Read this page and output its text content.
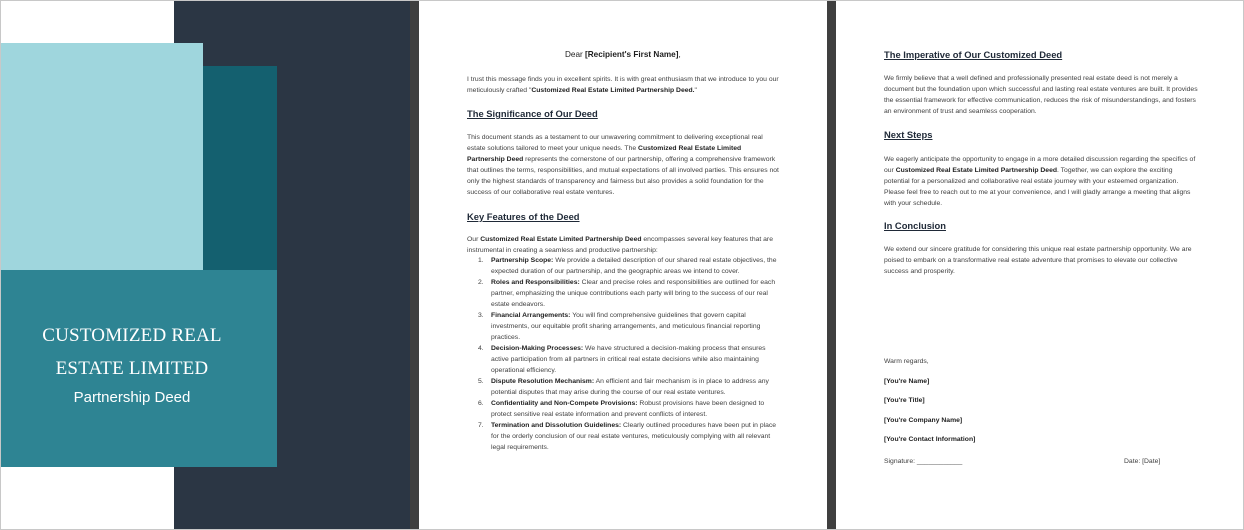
CUSTOMIZED REAL
ESTATE LIMITED
Partnership Deed
Dear [Recipient's First Name],

I trust this message finds you in excellent spirits. It is with great enthusiasm that we introduce to you our meticulously crafted "Customized Real Estate Limited Partnership Deed."

The Significance of Our Deed

This document stands as a testament to our unwavering commitment to delivering exceptional real estate solutions tailored to meet your unique needs. The Customized Real Estate Limited Partnership Deed represents the cornerstone of our partnership, offering a comprehensive framework that outlines the terms, responsibilities, and mutual expectations of all involved parties. This ensures not only the highest standards of transparency and fairness but also provides a solid foundation for the success of our collaborative real estate ventures.

Key Features of the Deed

Our Customized Real Estate Limited Partnership Deed encompasses several key features that are instrumental in creating a seamless and productive partnership:

1. Partnership Scope: We provide a detailed description of our shared real estate objectives, the expected duration of our partnership, and the geographic areas we intend to cover.
2. Roles and Responsibilities: Clear and precise roles and responsibilities are outlined for each partner, emphasizing the unique contributions each party will bring to the success of our real estate endeavors.
3. Financial Arrangements: You will find comprehensive guidelines that govern capital investments, our equitable profit sharing arrangements, and meticulous financial reporting practices.
4. Decision-Making Processes: We have structured a decision-making process that ensures active participation from all partners in critical real estate decisions while also maintaining operational efficiency.
5. Dispute Resolution Mechanism: An efficient and fair mechanism is in place to address any potential disputes that may arise during the course of our real estate ventures.
6. Confidentiality and Non-Compete Provisions: Robust provisions have been designed to protect sensitive real estate information and prevent conflicts of interest.
7. Termination and Dissolution Guidelines: Clearly outlined procedures have been put in place for the orderly conclusion of our real estate ventures, meticulously complying with all relevant legal requirements.
The Imperative of Our Customized Deed

We firmly believe that a well defined and professionally presented real estate deed is not merely a document but the foundation upon which successful and lasting real estate ventures are built. It provides the essential framework for effective communication, reduces the risk of misunderstandings, and fosters an environment of trust and seamless cooperation.

Next Steps

We eagerly anticipate the opportunity to engage in a more detailed discussion regarding the specifics of our Customized Real Estate Limited Partnership Deed. Together, we can explore the exciting potential for a personalized and collaborative real estate journey with your esteemed organization. Please feel free to reach out to me at your convenience, and I will gladly arrange a meeting that aligns with your schedule.

In Conclusion

We extend our sincere gratitude for considering this unique real estate partnership opportunity. We are poised to embark on a transformative real estate adventure that promises to elevate our collective success and prosperity.

Warm regards,
[You're Name]
[You're Title]
[You're Company Name]
[You're Contact Information]
Signature: ____________	Date: [Date]
